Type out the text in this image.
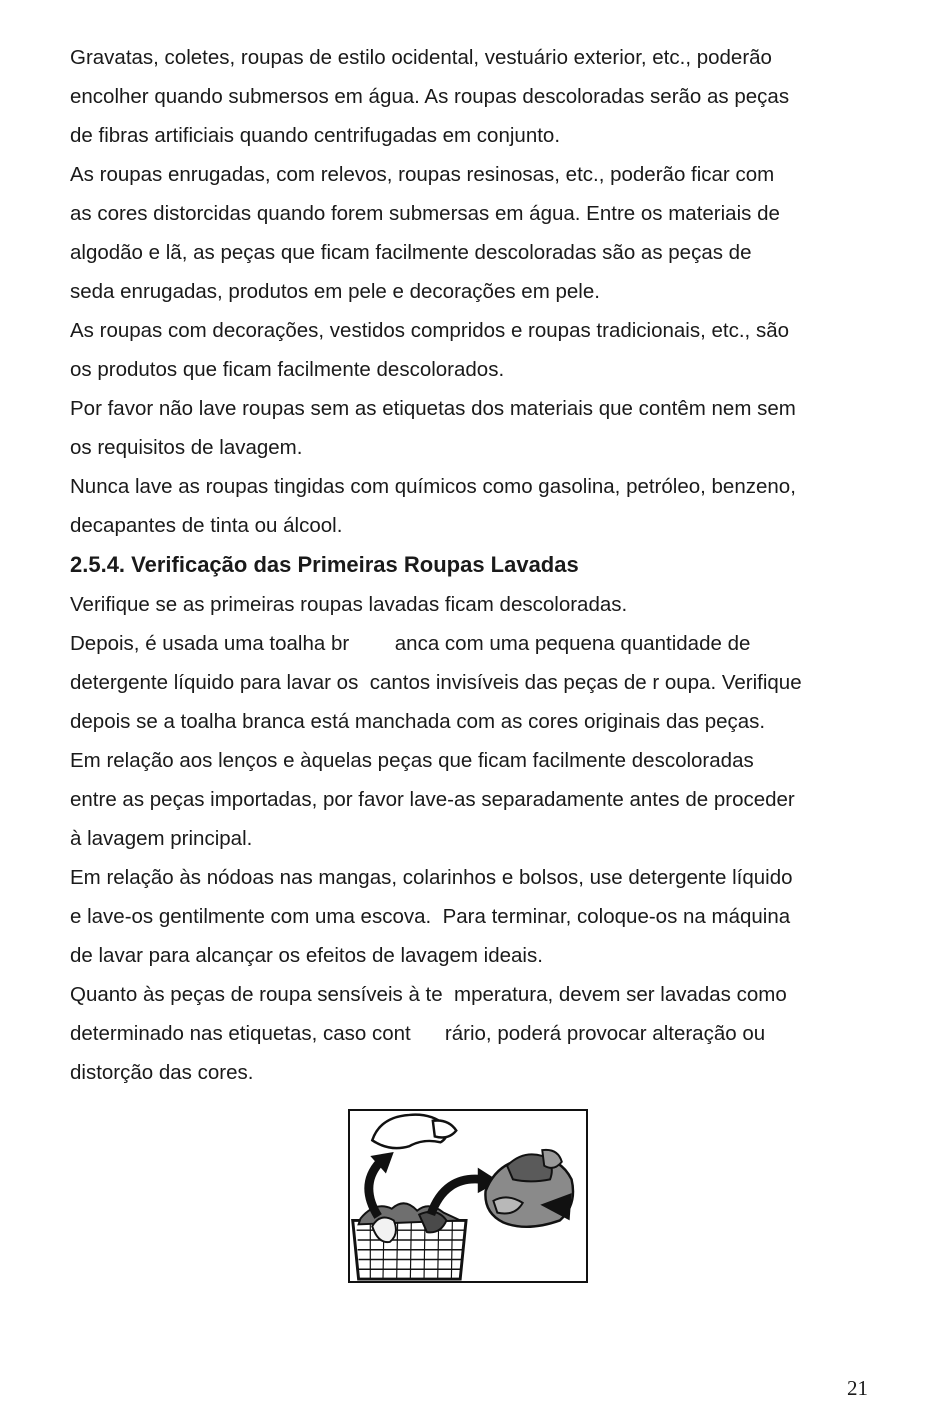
Gravatas, coletes, roupas de estilo ocidental, vestuário exterior, etc., poderão
encolher quando submersos em água. As roupas descoloradas serão as peças
de fibras artificiais quando centrifugadas em conjunto.
As roupas enrugadas, com relevos, roupas resinosas, etc., poderão ficar com
as cores distorcidas quando forem submersas em água. Entre os materiais de
algodão e lã, as peças que ficam facilmente descoloradas são as peças de
seda enrugadas, produtos em pele e decorações em pele.
As roupas com decorações, vestidos compridos e roupas tradicionais, etc., são
os produtos que ficam facilmente descolorados.
Por favor não lave roupas sem as etiquetas dos materiais que contêm nem sem
os requisitos de lavagem.
Nunca lave as roupas tingidas com químicos como gasolina, petróleo, benzeno,
decapantes de tinta ou álcool.
2.5.4. Verificação das Primeiras Roupas Lavadas
Verifique se as primeiras roupas lavadas ficam descoloradas.
Depois, é usada uma toalha br        anca com uma pequena quantidade de
detergente líquido para lavar os  cantos invisíveis das peças de r oupa. Verifique
depois se a toalha branca está manchada com as cores originais das peças.
Em relação aos lenços e àquelas peças que ficam facilmente descoloradas
entre as peças importadas, por favor lave-as separadamente antes de proceder
à lavagem principal.
Em relação às nódoas nas mangas, colarinhos e bolsos, use detergente líquido
e lave-os gentilmente com uma escova.  Para terminar, coloque-os na máquina
de lavar para alcançar os efeitos de lavagem ideais.
Quanto às peças de roupa sensíveis à te  mperatura, devem ser lavadas como
determinado nas etiquetas, caso cont      rário, poderá provocar alteração ou
distorção das cores.
21
